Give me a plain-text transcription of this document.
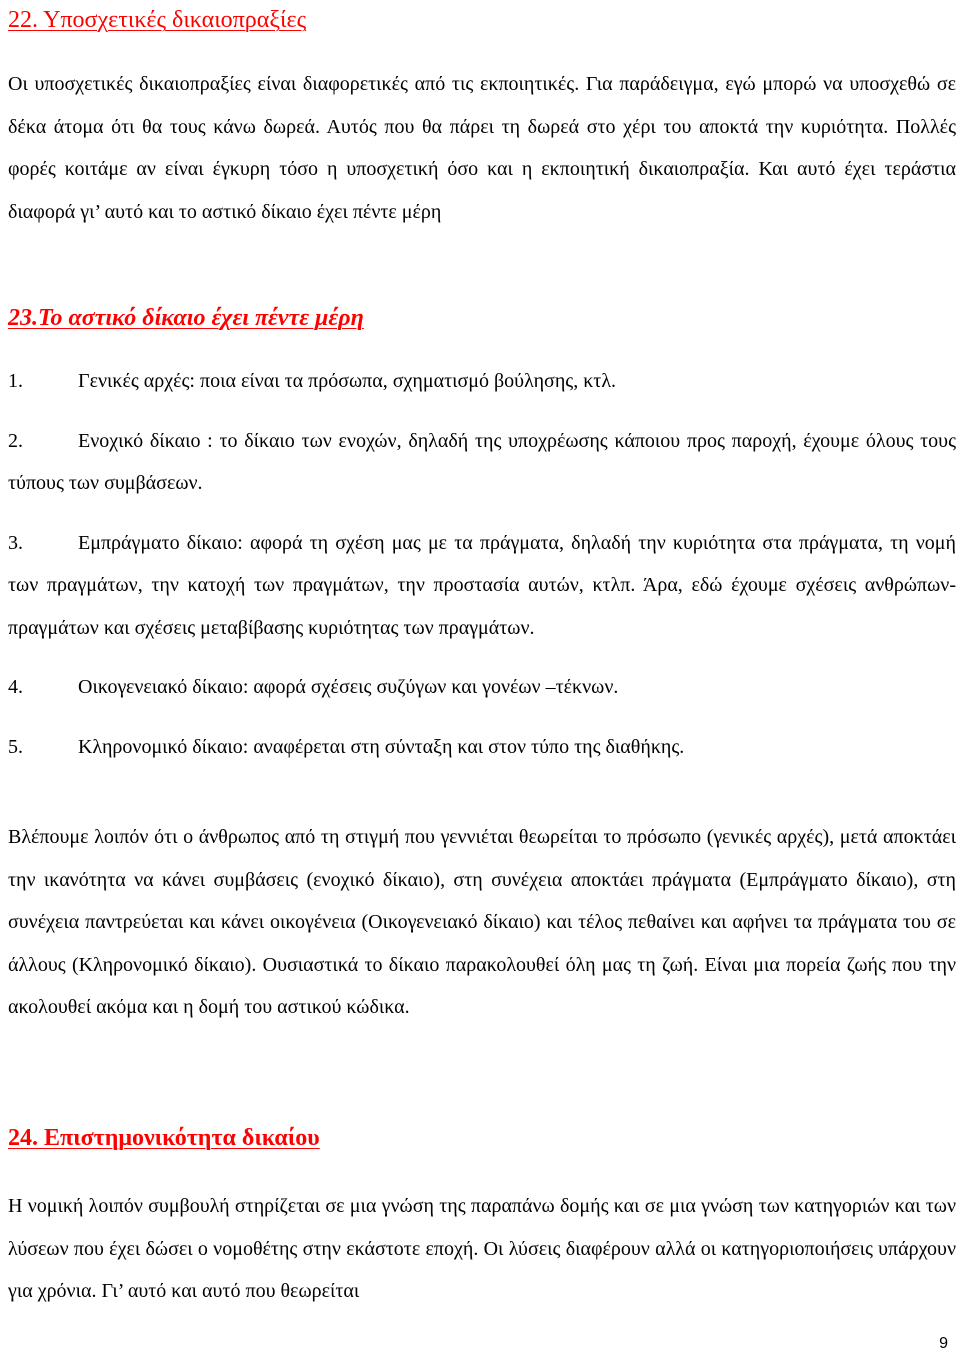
22. Υποσχετικές δικαιοπραξίες

Οι υποσχετικές δικαιοπραξίες είναι διαφορετικές από τις εκποιητικές. Για παράδειγμα, εγώ μπορώ να υποσχεθώ σε δέκα άτομα ότι θα τους κάνω δωρεά. Αυτός που θα πάρει τη δωρεά στο χέρι του αποκτά την κυριότητα. Πολλές φορές κοιτάμε αν είναι έγκυρη τόσο η υποσχετική όσο και η εκποιητική δικαιοπραξία. Και αυτό έχει τεράστια διαφορά γι’ αυτό και το αστικό δίκαιο έχει πέντε μέρη

23.Το αστικό δίκαιο έχει πέντε μέρη

1.	Γενικές αρχές: ποια είναι τα πρόσωπα, σχηματισμό βούλησης, κτλ.

2.	Ενοχικό δίκαιο : το δίκαιο των ενοχών, δηλαδή της υποχρέωσης κάποιου προς παροχή, έχουμε όλους τους τύπους των συμβάσεων.

3.	Εμπράγματο δίκαιο: αφορά τη σχέση μας με τα πράγματα, δηλαδή την κυριότητα στα πράγματα, τη νομή των πραγμάτων, την κατοχή των πραγμάτων, την προστασία αυτών, κτλπ. Άρα, εδώ έχουμε σχέσεις ανθρώπων-πραγμάτων και σχέσεις μεταβίβασης κυριότητας των πραγμάτων.

4.	Οικογενειακό δίκαιο: αφορά σχέσεις συζύγων και γονέων –τέκνων.

5.	Κληρονομικό δίκαιο: αναφέρεται στη σύνταξη και στον τύπο της διαθήκης.

Βλέπουμε λοιπόν ότι ο άνθρωπος από τη στιγμή που γεννιέται θεωρείται το πρόσωπο (γενικές αρχές), μετά αποκτάει την ικανότητα να κάνει συμβάσεις (ενοχικό δίκαιο), στη συνέχεια αποκτάει πράγματα (Εμπράγματο δίκαιο), στη συνέχεια παντρεύεται και κάνει οικογένεια (Οικογενειακό δίκαιο) και τέλος πεθαίνει και αφήνει τα πράγματα του σε άλλους (Κληρονομικό δίκαιο). Ουσιαστικά το δίκαιο παρακολουθεί όλη μας τη ζωή. Είναι μια πορεία ζωής που την ακολουθεί ακόμα και η δομή του αστικού κώδικα.

24. Επιστημονικότητα δικαίου

Η νομική λοιπόν συμβουλή στηρίζεται σε μια γνώση της παραπάνω δομής και σε μια γνώση των κατηγοριών και των λύσεων που έχει δώσει ο νομοθέτης στην εκάστοτε εποχή. Οι λύσεις διαφέρουν αλλά οι κατηγοριοποιήσεις υπάρχουν για χρόνια. Γι’ αυτό και αυτό που θεωρείται

9
